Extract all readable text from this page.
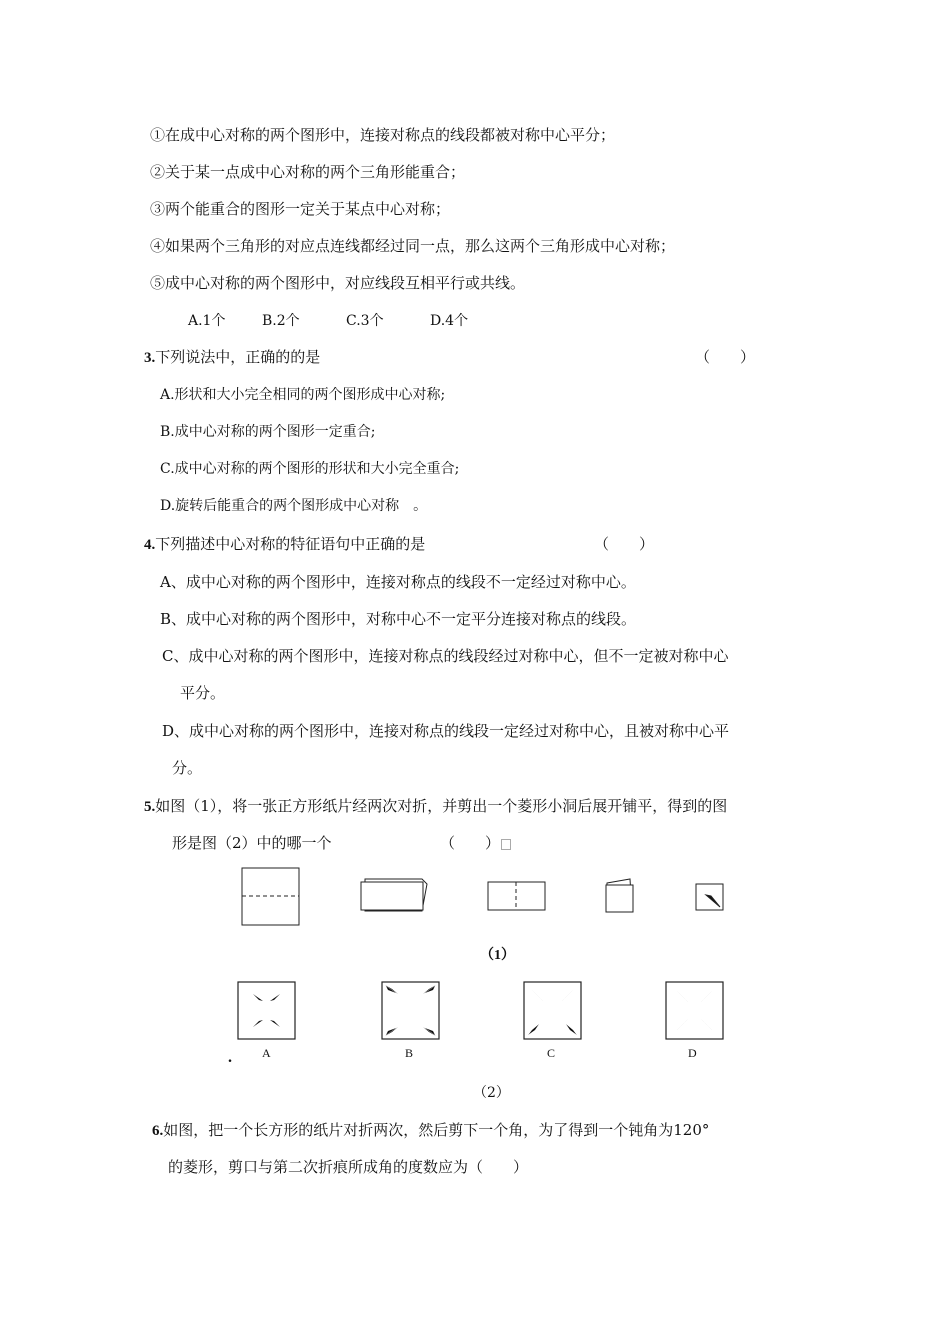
①在成中心对称的两个图形中，连接对称点的线段都被对称中心平分；
②关于某一点成中心对称的两个三角形能重合；
③两个能重合的图形一定关于某点中心对称；
④如果两个三角形的对应点连线都经过同一点，那么这两个三角形成中心对称；
⑤成中心对称的两个图形中，对应线段互相平行或共线。
A.1个	B.2个	C.3个	D.4个
3.下列说法中，正确的的是	（　　）
A.形状和大小完全相同的两个图形成中心对称;
B.成中心对称的两个图形一定重合;
C.成中心对称的两个图形的形状和大小完全重合;
D.旋转后能重合的两个图形成中心对称　。
4.下列描述中心对称的特征语句中正确的是	（　　）
A、成中心对称的两个图形中，连接对称点的线段不一定经过对称中心。
B、成中心对称的两个图形中，对称中心不一定平分连接对称点的线段。
C、成中心对称的两个图形中，连接对称点的线段经过对称中心，但不一定被对称中心
平分。
D、成中心对称的两个图形中，连接对称点的线段一定经过对称中心，且被对称中心平
分。
5.如图（1），将一张正方形纸片经两次对折，并剪出一个菱形小洞后展开铺平，得到的图
形是图（2）中的哪一个	（　　）
（1）
A	B	C	D
.
（2）
6.如图，把一个长方形的纸片对折两次，然后剪下一个角，为了得到一个钝角为120°
的菱形，剪口与第二次折痕所成角的度数应为（　　）
